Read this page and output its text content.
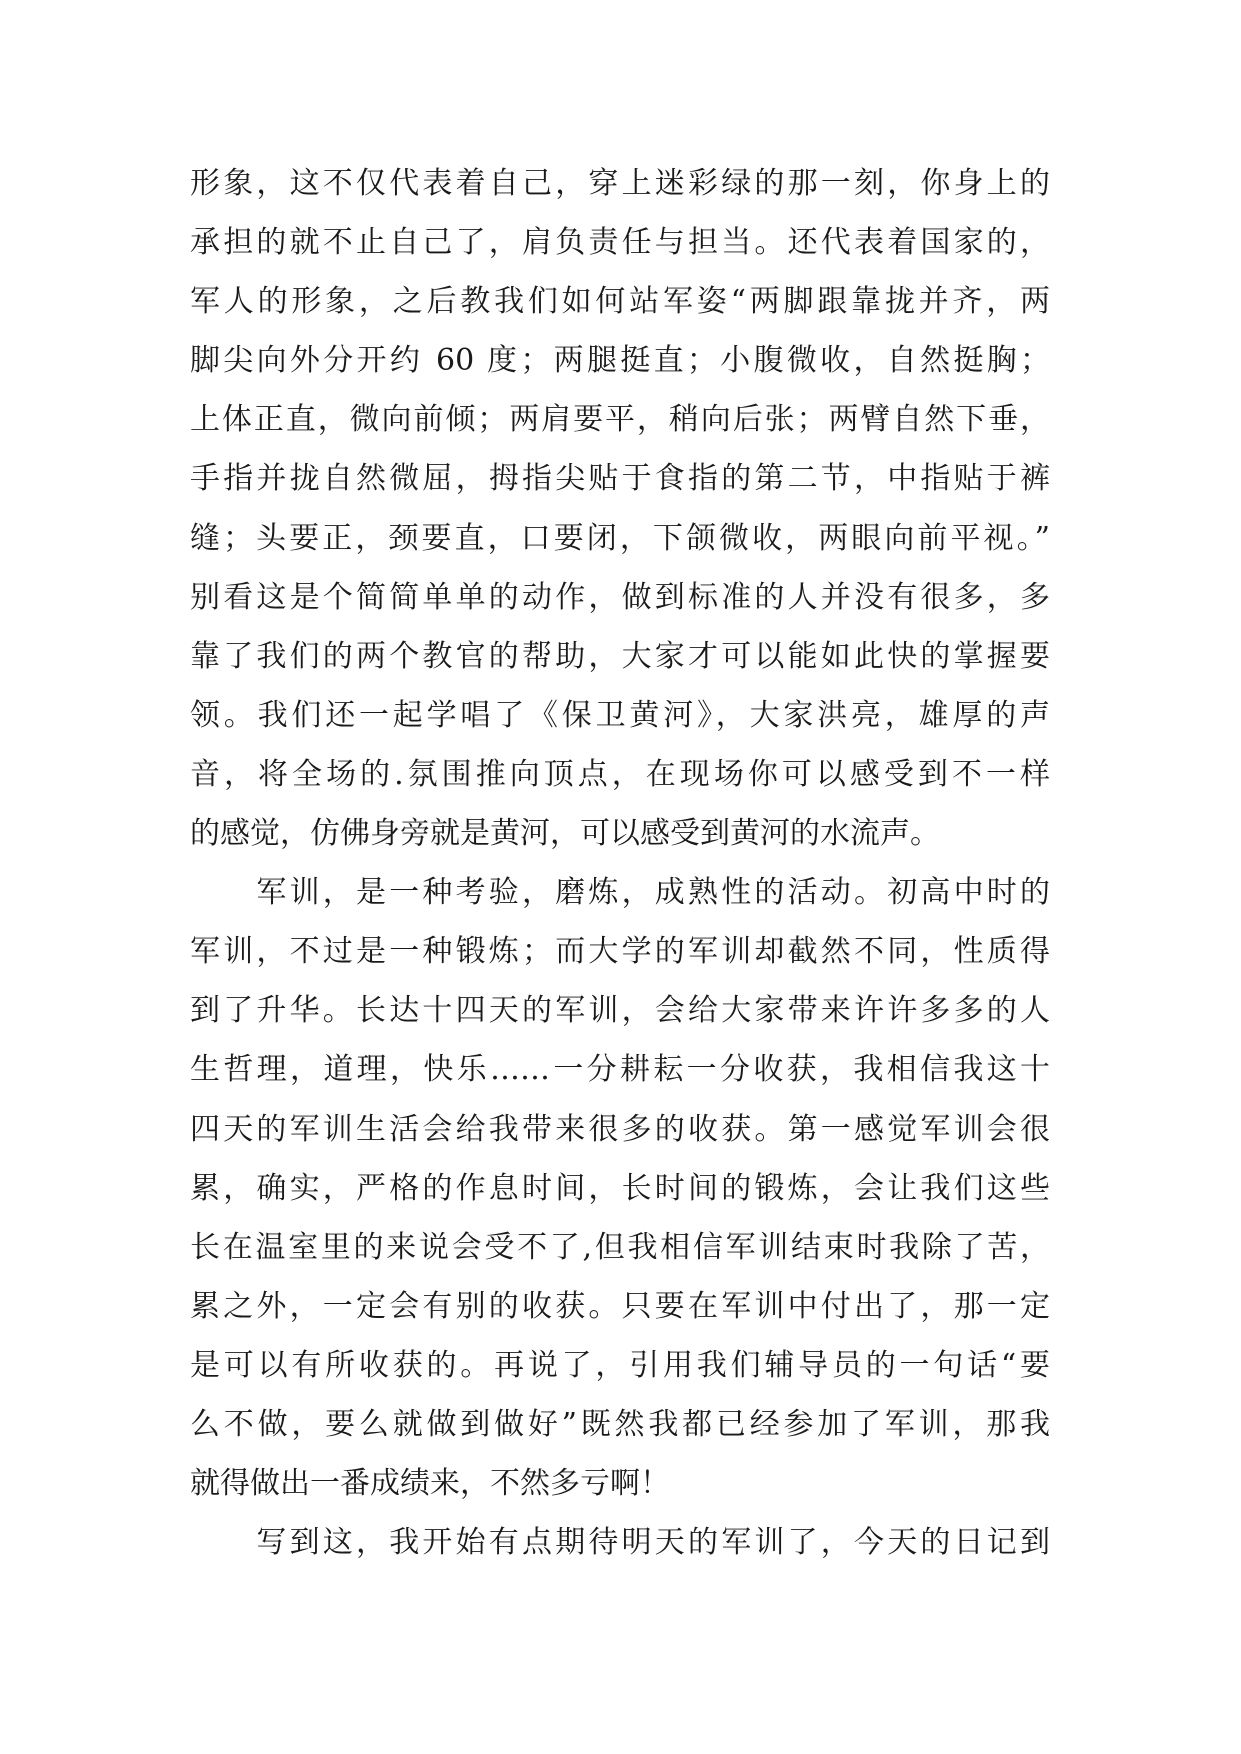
形象，这不仅代表着自己，穿上迷彩绿的那一刻，你身上的
承担的就不止自己了，肩负责任与担当。还代表着国家的，
军人的形象，之后教我们如何站军姿“两脚跟靠拢并齐，两
脚尖向外分开约 60 度；两腿挺直；小腹微收，自然挺胸；
上体正直，微向前倾；两肩要平，稍向后张；两臂自然下垂，
手指并拢自然微屈，拇指尖贴于食指的第二节，中指贴于裤
缝；头要正，颈要直，口要闭，下颌微收，两眼向前平视。”
别看这是个简简单单的动作，做到标准的人并没有很多，多
靠了我们的两个教官的帮助，大家才可以能如此快的掌握要
领。我们还一起学唱了《保卫黄河》，大家洪亮，雄厚的声
音，将全场的.氛围推向顶点，在现场你可以感受到不一样
的感觉，仿佛身旁就是黄河，可以感受到黄河的水流声。
　　军训，是一种考验，磨炼，成熟性的活动。初高中时的
军训，不过是一种锻炼；而大学的军训却截然不同，性质得
到了升华。长达十四天的军训，会给大家带来许许多多的人
生哲理，道理，快乐……一分耕耘一分收获，我相信我这十
四天的军训生活会给我带来很多的收获。第一感觉军训会很
累，确实，严格的作息时间，长时间的锻炼，会让我们这些
长在温室里的来说会受不了,但我相信军训结束时我除了苦，
累之外，一定会有别的收获。只要在军训中付出了，那一定
是可以有所收获的。再说了，引用我们辅导员的一句话“要
么不做，要么就做到做好”既然我都已经参加了军训，那我
就得做出一番成绩来，不然多亏啊！
　　写到这，我开始有点期待明天的军训了，今天的日记到
